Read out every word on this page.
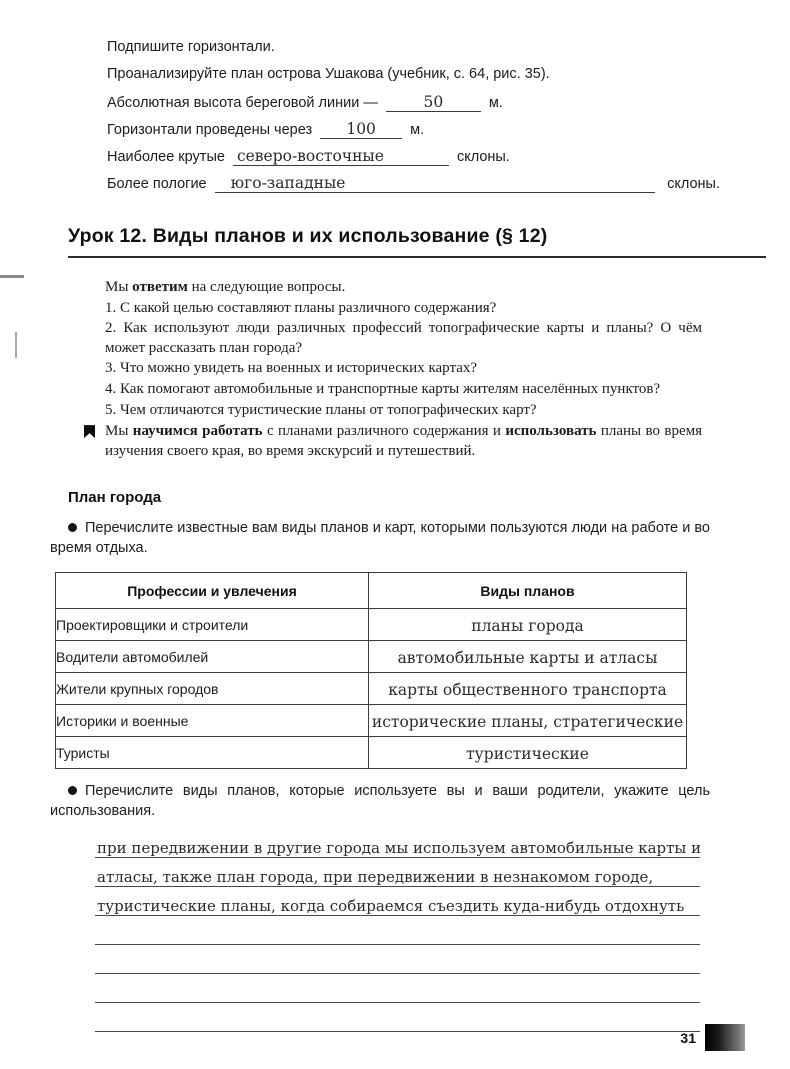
Подпишите горизонтали.
Проанализируйте план острова Ушакова (учебник, с. 64, рис. 35).
Абсолютная высота береговой линии —	50	м.
Горизонтали проведены через	100	м.
Наиболее крутые северо-восточные	склоны.
Более пологие	юго-западные	склоны.
Урок 12. Виды планов и их использование (§ 12)

Мы ответим на следующие вопросы.

1. С какой целью составляют планы различного содержания?

2. Как используют люди различных профессий топографические карты и планы? О чём может рассказать план города?

3. Что можно увидеть на военных и исторических картах?

4. Как помогают автомобильные и транспортные карты жителям населённых пунктов?

5. Чем отличаются туристические планы от топографических карт?

Мы научимся работать с планами различного содержания и использовать планы во время изучения своего края, во время экскурсий и путешествий.

План города

Перечислите известные вам виды планов и карт, которыми пользуются люди на работе и во время отдыха.

Профессии и увлечения	Виды планов
Проектировщики и строители	планы города
Водители автомобилей	автомобильные карты и атласы
Жители крупных городов	карты общественного транспорта
Историки и военные	исторические планы, стратегические
Туристы	туристические

Перечислите виды планов, которые используете вы и ваши родители, укажите цель использования.

при передвижении в другие города мы используем автомобильные карты и
атласы, также план города, при передвижении в незнакомом городе,
туристические планы, когда собираемся съездить куда-нибудь отдохнуть
31
